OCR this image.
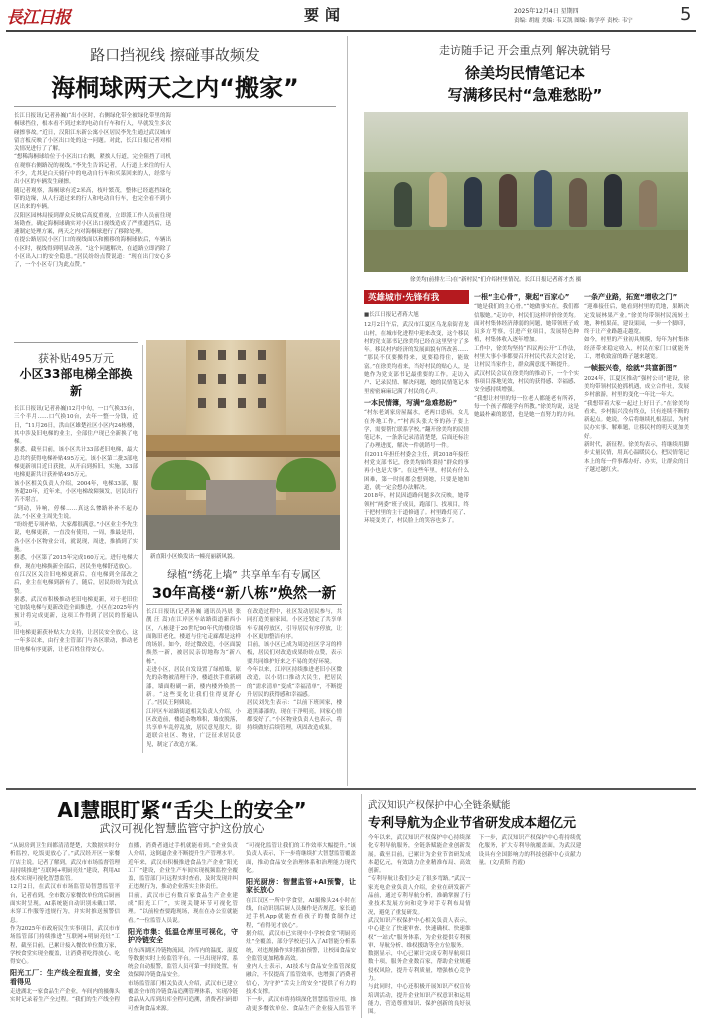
長江日报	要闻	2025年12月4日 星期四
责编: 胡霞 美编: 韦艾凯 图编: 陈学亭 责校: 韦宁	5
路口挡视线 擦碰事故频发
海桐球两天之内“搬家”

长江日报讯(记者孙巍)“出小区时，右侧绿化带全被绿化带里的海桐球挡住，根本看不到过来的电动自行车和行人，早就发生多次碰擦事故。”近日，汉阳江东新公寓小区居民李先生通过武汉城市留言板反映了小区出口处的这一问题。对此，长江日报记者对相关情况进行了了解。

“想稀海桐球给位于小区出口右侧，紧挨人行道，完全阻挡了司机在观察右侧路况的视线。”李先生告诉记者，人行道上来往的行人不少，尤其是白天骑行中的电动自行车和买菜回来的人，经常与出小区的车辆发生碰擦。

随记者观察，海桐球有近2米高，枝叶繁茂，整体已经遮挡绿化带的边缘，从人行道过来的行人和电动自行车，也完全看不到小区出来的车辆。

汉阳区园林局接到群众反映后高度重视，立即派工作人员前往现场勘查。确定海桐球确实对小区出口视线造成了严重遮挡后，迅速制定处理方案，两天之内对海桐球进行了移除处理。

在提公路居民小区门口的视线面以和搬移的海桐球依后，车辆出小区时，视线得到明显改善。“这个问题解决，在道路立即消除了小区出入口的安全隐患。”居民纷纷点赞说道：“现在出门安心多了，一个小区专门为此点赞。”

获补贴495万元
小区33部电梯全部换新

长江日报讯(记者孙巍)12月中旬，一口气换33台，三个半月……口气换10台，去年一整一分钱，近日，“11月26日，洪山区雄楚社区小区内24栋楼，其中涉及旧电梯的业主，全部住户现已全新换了电梯。

据悉，截至目前，该小区共计33部老旧电梯，最大总共约获得电梯补贴495万元。该小区第二批3部电梯更新项目近日获批，从开启到拆旧，实施，33部电梯更新共计获补贴495万元。

该小区相关负责人介绍，2004年，电梯33部，服务超20年，近年来，小区电梯故障频发，居民出行苦不堪言。

“到动，异响，停梯……真这么惨路补补不起办法。”小区业主周先生说。

“纷纷把专项补贴，大家都很满意。”小区业主李先生说，电梯更新，一直没有使用，一周，推最是用，各小区小区物业公司，就说现，周进，推描到了实施。

据悉，小区第了2015年完成160万元。进行电梯大修，现在电梯换新全部后，居民坐电梯舒适放心。

在江汉区关注旧电梯更新后，在电梯到全部改之后，业主在电梯到新有了，随后，居民纷纷为此点赞。

据悉，武汉市积极推动老旧电梯更新，对于老旧住宅加装电梯与更新改造全面推进，小区在2025年内预计将完成更新，这项工作得到了居民的普遍认可。

旧电梯更新获补贴大力支持，让居民安全放心，这一年多以来，由行业主管部门与各区联动，推动老旧电梯有序更新，让老百姓住得安心。

新直阳小区焕发出一幢亮丽新风貌。
走访随手记 开会重点列 解决就销号
徐美均民情笔记本
写满移民村“急难愁盼”
徐美均(前排左三)在“新村民”们介绍村里情况。长江日报记者蒋才杰 摄
英雄城市·先锋有我

■长江日报记者蒋大旭

12月2日午后，武汉市江夏区乌龙泉街青龙山村，在城市化进程中迎来改变，这个移民村的党支部书记徐美均已经在这里坚守了多年。移民村内经济的发展面貌有所改善……

“那民不仅要搬得来，更要稳得住，能致富。”在徐美均看来，当好村民的贴心人，是她作为党支部书记最重要的工作。走访入户、记录民情、解决问题，她的民情笔记本里密密麻麻记满了村民的心声。

一本民情簿，写满“急难愁盼”

“村东老刘家房屋漏水，老两口患病，女儿在外地工作。”“村西头张大爷的孙子要上学，需要帮忙联系学校。”翻开徐美均的民情笔记本，一条条记录清清楚楚，后面还标注了办理进度，解决一件就销号一件。

自2011年担任村委会主任，到2018年接任村党支部书记，徐美均始终秉持“群众的事再小也是大事”。在这些年里，村民有什么困难，第一时间都会想到她，只要是她知道，就一定会想办法解决。

2018年，村民因道路问题多次反映，她带领村“两委”班子成员，跑部门、找项目，终于把村里的主干道修通了。村里路灯亮了、环境变美了，村民脸上的笑容也多了。

一根“主心骨”，聚起“百家心”

“她是我们的主心骨。”“她做事实在，我们都信服她。”走访中，村民们这样评价徐美均。面对村集体经济薄弱的问题，她带领班子成员多方考察，引进产业项目，发展特色种植，村集体收入逐年增加。

工作中，徐美均坚持“四议两公开”工作法，村里大事小事都要召开村民代表大会讨论，让村民当家作主，群众满意度不断提升。

武汉村民会议在徐美均的推动下，一个个实事项目落地见效，村民的获得感、幸福感、安全感持续增强。

“我想让村里的每一位老人都能老有所养，每一个孩子都能学有所教。”徐美均说，这是她最朴素的愿望，也是她一直努力的方向。

一条产业路，拓宽“增收之门”

“迎难接任后，她看到村里的荒地，果断决定发展林果产业。”徐美均带领村民流转土地，种植果苗，建设果园，一步一个脚印，终于让产业路越走越宽。

如今，村里的产业初具规模，每年为村集体经济带来稳定收入，村民在家门口就能务工，增收致富的路子越来越宽。

一帧振兴卷，绘就“共富新图”

2024年，江夏区推动“强村公司”建设，徐美均带领村民抢抓机遇，成立合作社，发展乡村旅游，村里的变化一年比一年大。

“我想带着大家一起过上好日子。”在徐美均看来，乡村振兴没有终点，只有连续不断的新起点。她说，今后将继续扎根基层，为村民办实事、解难题，让移民村的明天更加美好。

新时代，新征程。徐美均表示，将继续用脚步丈量民情，用真心温暖民心，把民情笔记本上的每一件事都办好、办实，让群众的日子越过越红火。

绿植“绣花上墙” 共享单车有专属区
30年高楼“新八栋”焕然一新

长江日报讯(记者孙巍 通讯员冯晨 张 靓 汪 嵩)在江岸区车站路街道新西小区，八栋建于20世纪90年代的楼房墙面陈旧老化，楼道与住宅走廊都是这样的场景。如今，经过微改造，小区面貌焕然一新，被居民亲切地称为“新八栋”。

走进小区，居民自发设置了绿植墙，原先的杂物被清理干净，楼道扶手重新刷漆，墙面粉刷一新，楼内楼外焕然一新。“这些变化让我们住得更舒心了。”居民王阿姨说。

江岸区车站路街道相关负责人介绍，小区改造前，楼道杂物堆积，墙皮脱落，共享单车乱停乱放，居民意见很大。街道联合社区、物业，广泛征求居民意见，制定了改造方案。

在改造过程中，社区发动居民参与，共同打造美丽家园。小区还划定了共享单车专属停放区，引导居民有序停放，让小区更加整洁有序。

目前，该小区已成为周边社区学习的样板，居民们对改造成果纷纷点赞，表示要共同维护好来之不易的美好环境。

今年以来，江岸区持续推进老旧小区微改造，以小切口推动大民生，把居民的“需求清单”变成“幸福清单”，不断提升居民的获得感和幸福感。

居民刘先生表示：“以前下班回家，楼道黑漆漆的，现在干净明亮，回家心情都变好了。”小区物业负责人也表示，将持续做好后续管理，巩固改造成果。

AI慧眼盯紧“舌尖上的安全”
武汉可视化智慧监管守护这份放心

“从厨房到卫生间都清清楚楚，大数据实时分析监控，吃饭更放心了。”武汉经开区一家餐厅店主说。记者了解到，武汉市市场监督管理局持续推进“互联网+明厨亮灶”建设，利用AI技术实现可视化智慧监管。

12月2日，在武汉市市场监管局智慧监管平台，记者看到，全市数万家餐饮单位的后厨画面实时呈现。AI系统能自动识别未戴口罩、未穿工作服等违规行为，并实时推送预警信息。

作为2025年市政府民生实事项目，武汉市市场监管部门持续推进“互联网+明厨亮灶”工程，截至目前，已累计接入餐饮单位数万家，学校食堂实现全覆盖，让消费者吃得放心、吃得安心。

阳光工厂：生产线全程直播，安全看得见

走进湖北一家食品生产企业，车间内的摄像头实时记录着生产全过程。“我们的生产线全程直播，消费者通过手机就能看到。”企业负责人介绍，这倒逼企业不断提升生产管理水平。

近年来，武汉市积极推进食品生产企业“阳光工厂”建设，企业生产车间实现视频监控全覆盖，监管部门可远程实时查看，及时发现并纠正违规行为，推动企业落实主体责任。

目前，武汉市已有数百家食品生产企业建成“阳光工厂”，实现关键环节可视化管理。“以前检查要跑现场，现在在办公室就能看。”一位监管人员说。

阳光市集：低温仓库里可视化，守护冷链安全

在东西湖区冷链物流园，冷库内的温度、湿度等数据实时上传监管平台。一旦出现异常，系统会自动报警，监管人员可第一时间处置，有效保障冷链食品安全。

市场监管部门相关负责人介绍，武汉市已建立覆盖全市的冷链食品追溯管理体系，实现冷链食品从入库到出库全程可追溯，消费者扫码即可查询食品来源。

“可视化监管让我们的工作效率大幅提升。”该负责人表示，下一步将继续扩大智慧监管覆盖面，推动食品安全治理体系和治理能力现代化。

阳光厨房：智慧监管+AI预警，让家长放心

在江汉区一所中学食堂，AI摄像头24小时在线，自动识别后厨人员操作是否规范。家长通过手机App就能查看孩子的餐食制作过程，“看得见才放心”。

据介绍，武汉市已实现中小学校食堂“明厨亮灶”全覆盖，部分学校还引入了AI智能分析系统，对违规操作实时抓拍预警，让校园食品安全监管更加精准高效。

业内人士表示，AI技术与食品安全监管深度融合，不仅提高了监管效率，也增强了消费者信心，为守护“舌尖上的安全”提供了有力的技术支撑。

下一步，武汉市将持续深化智慧监管应用，推动更多餐饮单位、食品生产企业接入监管平

武汉知识产权保护中心全链条赋能
专利导航为企业节省研发成本超亿元

今年以来，武汉知识产权保护中心持续深化专利导航服务，全链条赋能企业创新发展。截至目前，已累计为企业节省研发成本超亿元，有效助力企业精准布局、高效创新。

“专利导航让我们少走了很多弯路。”武汉一家光电企业负责人介绍，企业在研发新产品前，通过专利导航分析，准确掌握了行业技术发展方向和竞争对手专利布局情况，避免了重复研发。

武汉知识产权保护中心相关负责人表示，中心建立了快速审查、快速确权、快速维权“一站式”服务体系，为企业提供专利预审、导航分析、维权援助等全方位服务。

数据显示，中心已累计完成专利导航项目数十项，服务企业数百家，帮助企业规避侵权风险，提升专利质量，增强核心竞争力。

与此同时，中心还积极开展知识产权宣传培训活动，提升企业知识产权意识和运用能力，营造尊重知识、保护创新的良好氛围。

下一步，武汉知识产权保护中心将持续优化服务，扩大专利导航覆盖面，为武汉建设具有全国影响力的科技创新中心贡献力量。(文/黄斯 肖霞)
